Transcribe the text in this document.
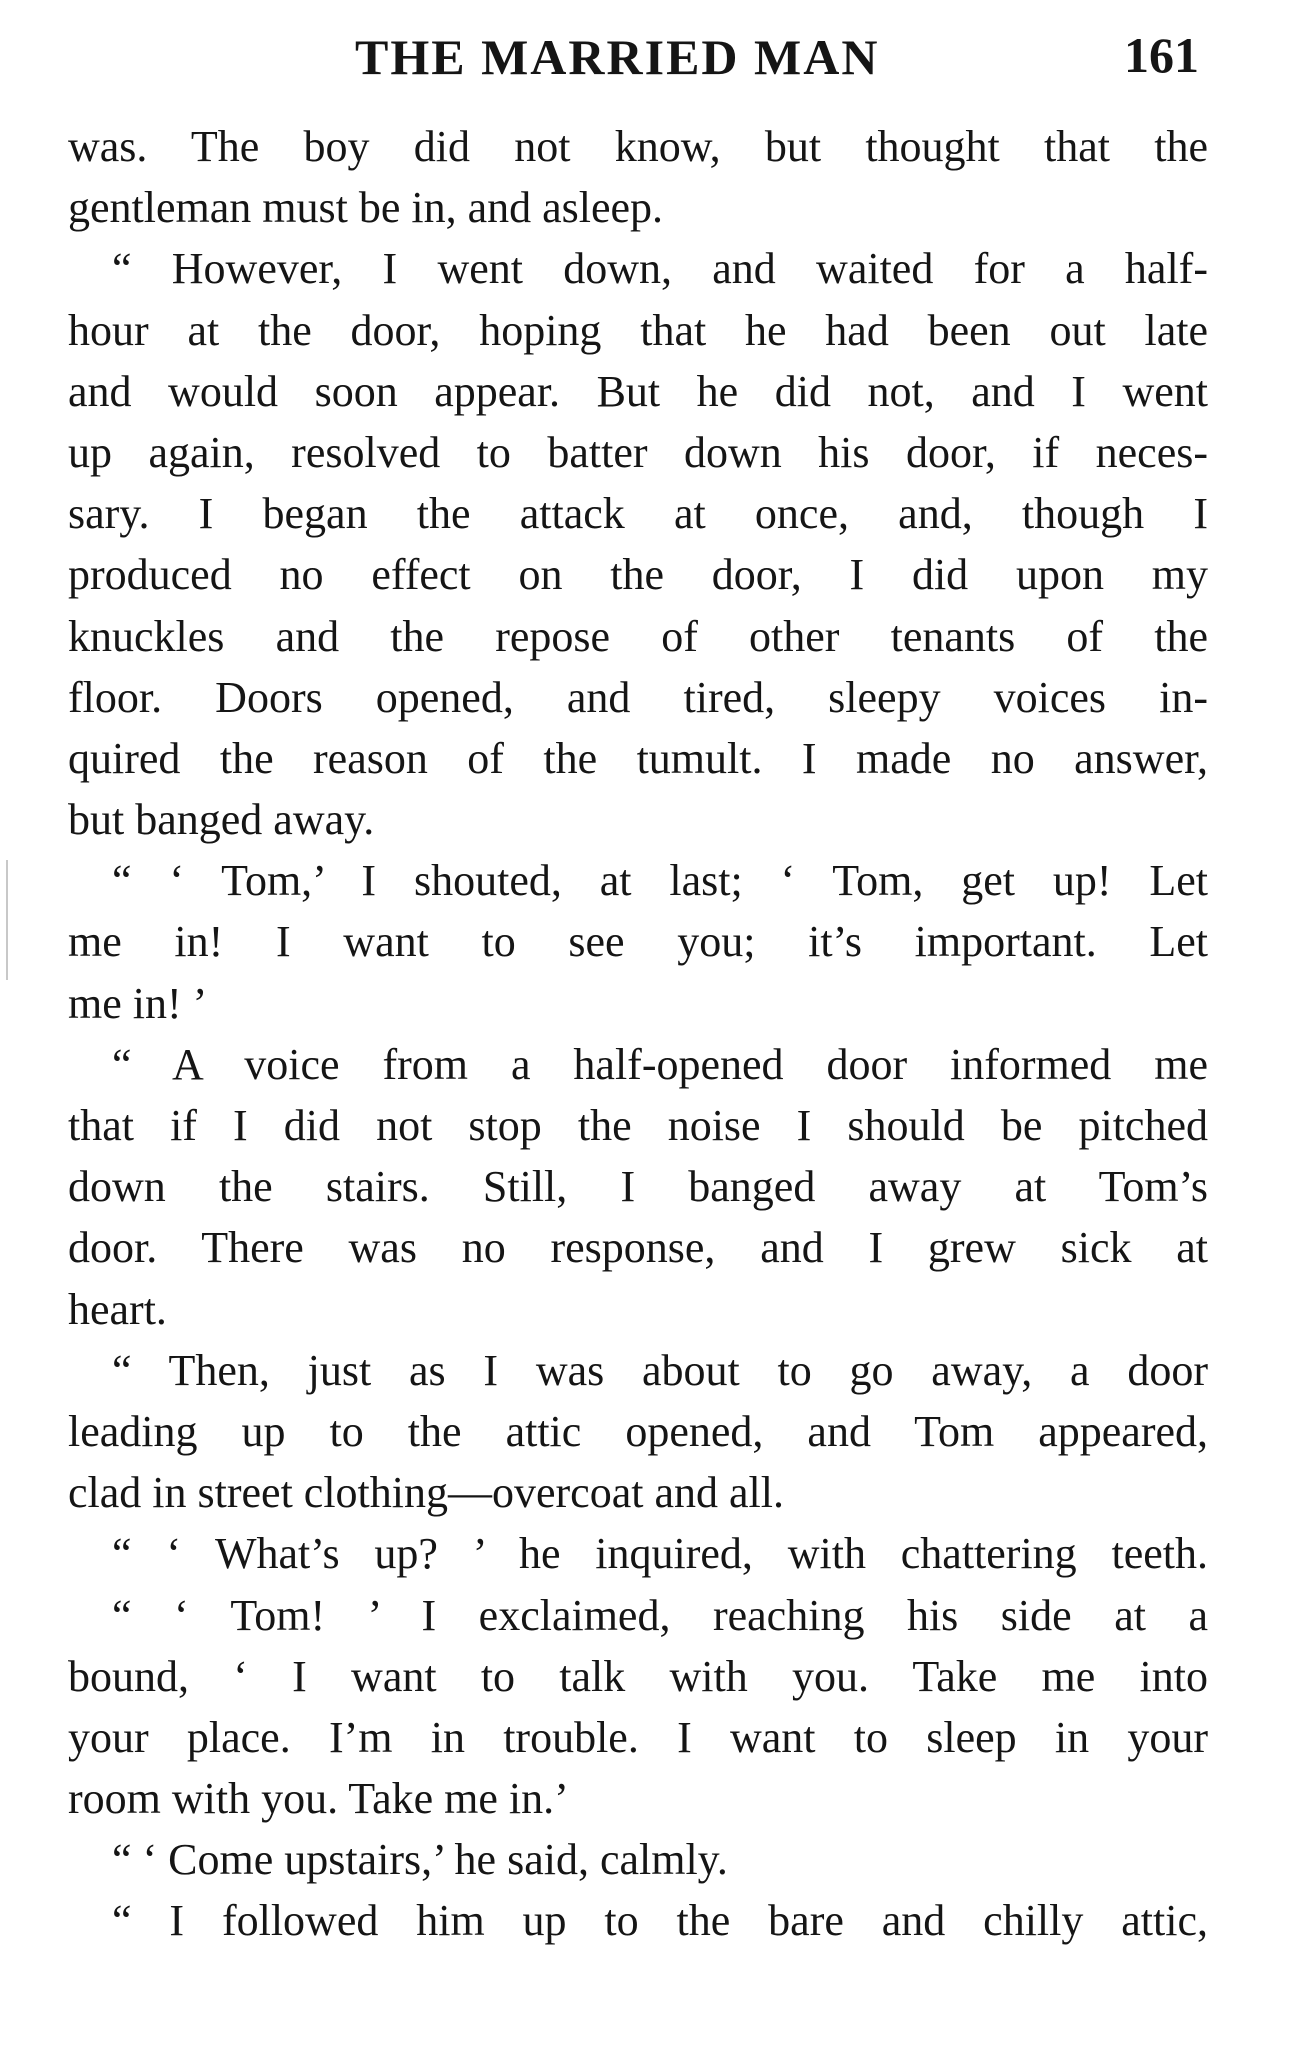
THE MARRIED MAN	161
was. The boy did not know, but thought that the
gentleman must be in, and asleep.
“ However, I went down, and waited for a half-
hour at the door, hoping that he had been out late
and would soon appear. But he did not, and I went
up again, resolved to batter down his door, if neces-
sary. I began the attack at once, and, though I
produced no effect on the door, I did upon my
knuckles and the repose of other tenants of the
floor. Doors opened, and tired, sleepy voices in-
quired the reason of the tumult. I made no answer,
but banged away.
“ ‘ Tom,’ I shouted, at last; ‘ Tom, get up! Let
me in! I want to see you; it’s important. Let
me in! ’
“ A voice from a half-opened door informed me
that if I did not stop the noise I should be pitched
down the stairs. Still, I banged away at Tom’s
door. There was no response, and I grew sick at
heart.
“ Then, just as I was about to go away, a door
leading up to the attic opened, and Tom appeared,
clad in street clothing—overcoat and all.
“ ‘ What’s up? ’ he inquired, with chattering teeth.
“ ‘ Tom! ’ I exclaimed, reaching his side at a
bound, ‘ I want to talk with you. Take me into
your place. I’m in trouble. I want to sleep in your
room with you. Take me in.’
“ ‘ Come upstairs,’ he said, calmly.
“ I followed him up to the bare and chilly attic,
